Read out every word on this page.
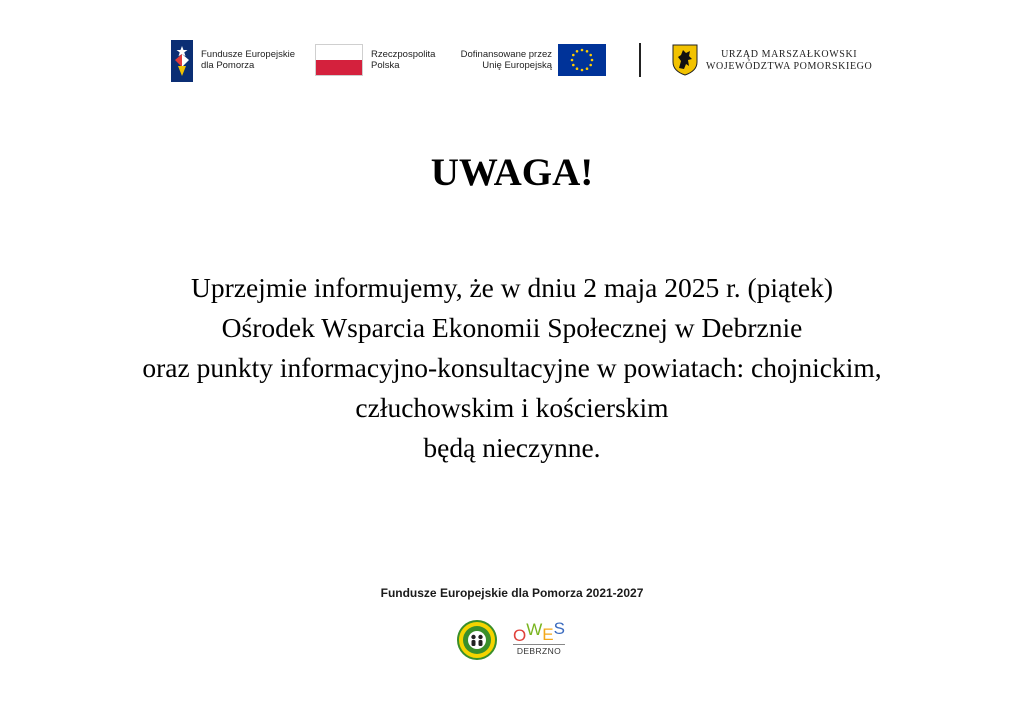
Fundusze Europejskie
dla Pomorza
Rzeczpospolita
Polska
Dofinansowane przez
Unię Europejską
URZĄD MARSZAŁKOWSKI
WOJEWÓDZTWA POMORSKIEGO
UWAGA!
Uprzejmie informujemy, że w dniu 2 maja 2025 r. (piątek)
Ośrodek Wsparcia Ekonomii Społecznej w Debrznie
oraz punkty informacyjno-konsultacyjne w powiatach: chojnickim,
człuchowskim i kościerskim
będą nieczynne.
Fundusze Europejskie dla Pomorza 2021-2027
OWES
DEBRZNO
